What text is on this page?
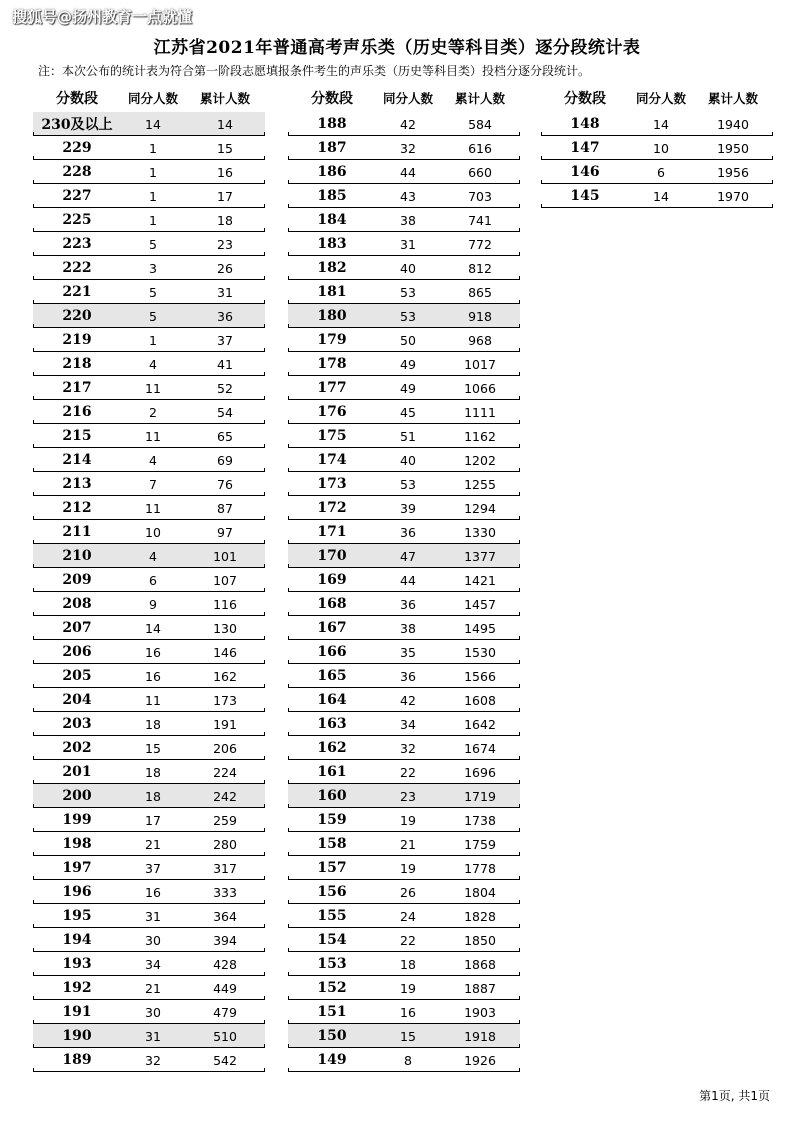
搜狐号@扬州教育一点就懂
江苏省2021年普通高考声乐类（历史等科目类）逐分段统计表
注：本次公布的统计表为符合第一阶段志愿填报条件考生的声乐类（历史等科目类）投档分逐分段统计。
分数段	同分人数	累计人数
230及以上	14	14
229	1	15
228	1	16
227	1	17
225	1	18
223	5	23
222	3	26
221	5	31
220	5	36
219	1	37
218	4	41
217	11	52
216	2	54
215	11	65
214	4	69
213	7	76
212	11	87
211	10	97
210	4	101
209	6	107
208	9	116
207	14	130
206	16	146
205	16	162
204	11	173
203	18	191
202	15	206
201	18	224
200	18	242
199	17	259
198	21	280
197	37	317
196	16	333
195	31	364
194	30	394
193	34	428
192	21	449
191	30	479
190	31	510
189	32	542
分数段	同分人数	累计人数
188	42	584
187	32	616
186	44	660
185	43	703
184	38	741
183	31	772
182	40	812
181	53	865
180	53	918
179	50	968
178	49	1017
177	49	1066
176	45	1111
175	51	1162
174	40	1202
173	53	1255
172	39	1294
171	36	1330
170	47	1377
169	44	1421
168	36	1457
167	38	1495
166	35	1530
165	36	1566
164	42	1608
163	34	1642
162	32	1674
161	22	1696
160	23	1719
159	19	1738
158	21	1759
157	19	1778
156	26	1804
155	24	1828
154	22	1850
153	18	1868
152	19	1887
151	16	1903
150	15	1918
149	8	1926
分数段	同分人数	累计人数
148	14	1940
147	10	1950
146	6	1956
145	14	1970
第1页, 共1页
